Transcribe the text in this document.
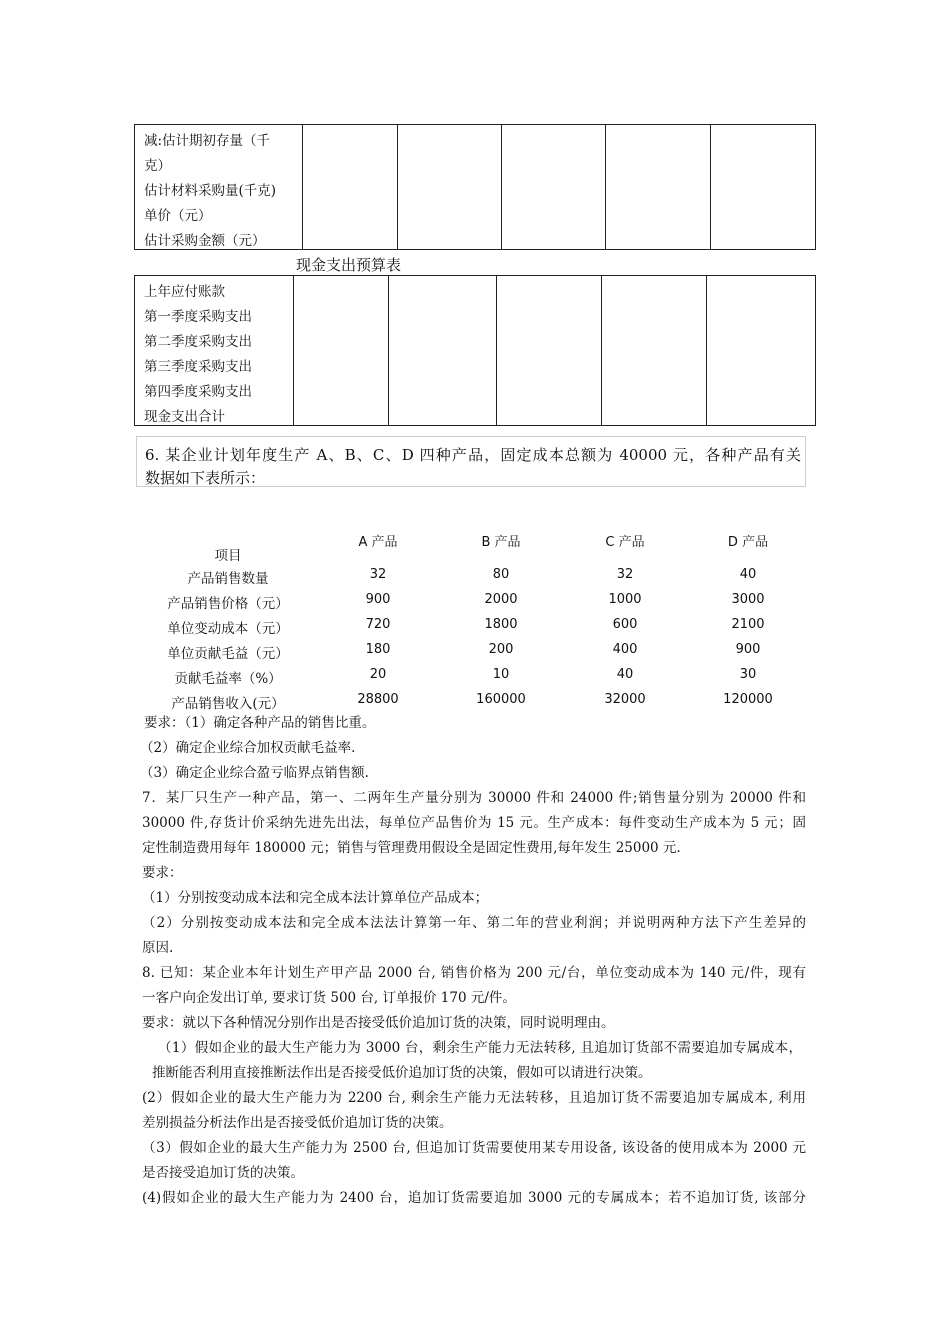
减:估计期初存量（千
克）
估计材料采购量(千克)
单价（元）
估计采购金额（元）
现金支出预算表
上年应付账款
第一季度采购支出
第二季度采购支出
第三季度采购支出
第四季度采购支出
现金支出合计
6. 某企业计划年度生产 A、B、C、D 四种产品，固定成本总额为 40000 元，各种产品有关
数据如下表所示：
项目
A 产品	B 产品	C 产品	D 产品
产品销售数量	32	80	32	40
产品销售价格（元）	900	2000	1000	3000
单位变动成本（元）	720	1800	600	2100
单位贡献毛益（元）	180	200	400	900
贡献毛益率（%）	20	10	40	30
产品销售收入(元）	28800	160000	32000	120000
要求：（1）确定各种产品的销售比重。
（2）确定企业综合加权贡献毛益率.
（3）确定企业综合盈亏临界点销售额.
7．某厂只生产一种产品，第一、二两年生产量分别为 30000 件和 24000 件;销售量分别为 20000 件和
30000 件,存货计价采纳先进先出法，每单位产品售价为 15 元。生产成本：每件变动生产成本为 5 元；固
定性制造费用每年 180000 元；销售与管理费用假设全是固定性费用,每年发生 25000 元.
要求：
（1）分别按变动成本法和完全成本法计算单位产品成本；
（2）分别按变动成本法和完全成本法法计算第一年、第二年的营业利润；并说明两种方法下产生差异的
原因.
8. 已知：某企业本年计划生产甲产品 2000 台, 销售价格为 200 元/台，单位变动成本为 140 元/件，现有
一客户向企发出订单, 要求订货 500 台, 订单报价 170 元/件。
要求：就以下各种情况分别作出是否接受低价追加订货的决策，同时说明理由。
（1）假如企业的最大生产能力为 3000 台，剩余生产能力无法转移, 且追加订货部不需要追加专属成本，
推断能否利用直接推断法作出是否接受低价追加订货的决策，假如可以请进行决策。
(2）假如企业的最大生产能力为 2200 台, 剩余生产能力无法转移，且追加订货不需要追加专属成本, 利用
差别损益分析法作出是否接受低价追加订货的决策。
（3）假如企业的最大生产能力为 2500 台, 但追加订货需要使用某专用设备, 该设备的使用成本为 2000 元
是否接受追加订货的决策。
(4)假如企业的最大生产能力为 2400 台，追加订货需要追加 3000 元的专属成本；若不追加订货, 该部分
